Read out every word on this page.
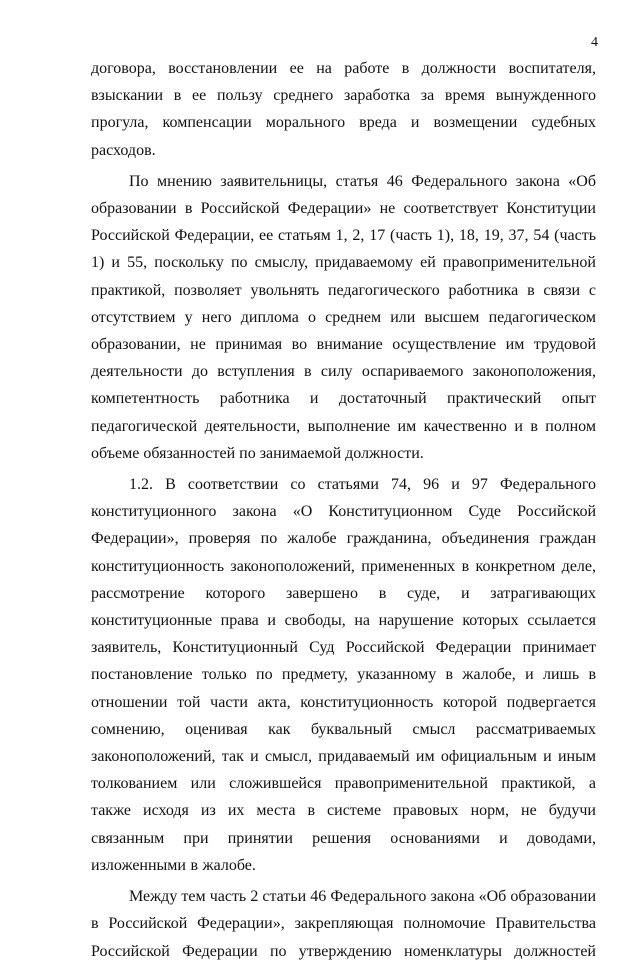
4

договора, восстановлении ее на работе в должности воспитателя, взыскании в ее пользу среднего заработка за время вынужденного прогула, компенсации морального вреда и возмещении судебных расходов.

По мнению заявительницы, статья 46 Федерального закона «Об образовании в Российской Федерации» не соответствует Конституции Российской Федерации, ее статьям 1, 2, 17 (часть 1), 18, 19, 37, 54 (часть 1) и 55, поскольку по смыслу, придаваемому ей правоприменительной практикой, позволяет увольнять педагогического работника в связи с отсутствием у него диплома о среднем или высшем педагогическом образовании, не принимая во внимание осуществление им трудовой деятельности до вступления в силу оспариваемого законоположения, компетентность работника и достаточный практический опыт педагогической деятельности, выполнение им качественно и в полном объеме обязанностей по занимаемой должности.

1.2. В соответствии со статьями 74, 96 и 97 Федерального конституционного закона «О Конституционном Суде Российской Федерации», проверяя по жалобе гражданина, объединения граждан конституционность законоположений, примененных в конкретном деле, рассмотрение которого завершено в суде, и затрагивающих конституционные права и свободы, на нарушение которых ссылается заявитель, Конституционный Суд Российской Федерации принимает постановление только по предмету, указанному в жалобе, и лишь в отношении той части акта, конституционность которой подвергается сомнению, оценивая как буквальный смысл рассматриваемых законоположений, так и смысл, придаваемый им официальным и иным толкованием или сложившейся правоприменительной практикой, а также исходя из их места в системе правовых норм, не будучи связанным при принятии решения основаниями и доводами, изложенными в жалобе.

Между тем часть 2 статьи 46 Федерального закона «Об образовании в Российской Федерации», закрепляющая полномочие Правительства Российской Федерации по утверждению номенклатуры должностей
